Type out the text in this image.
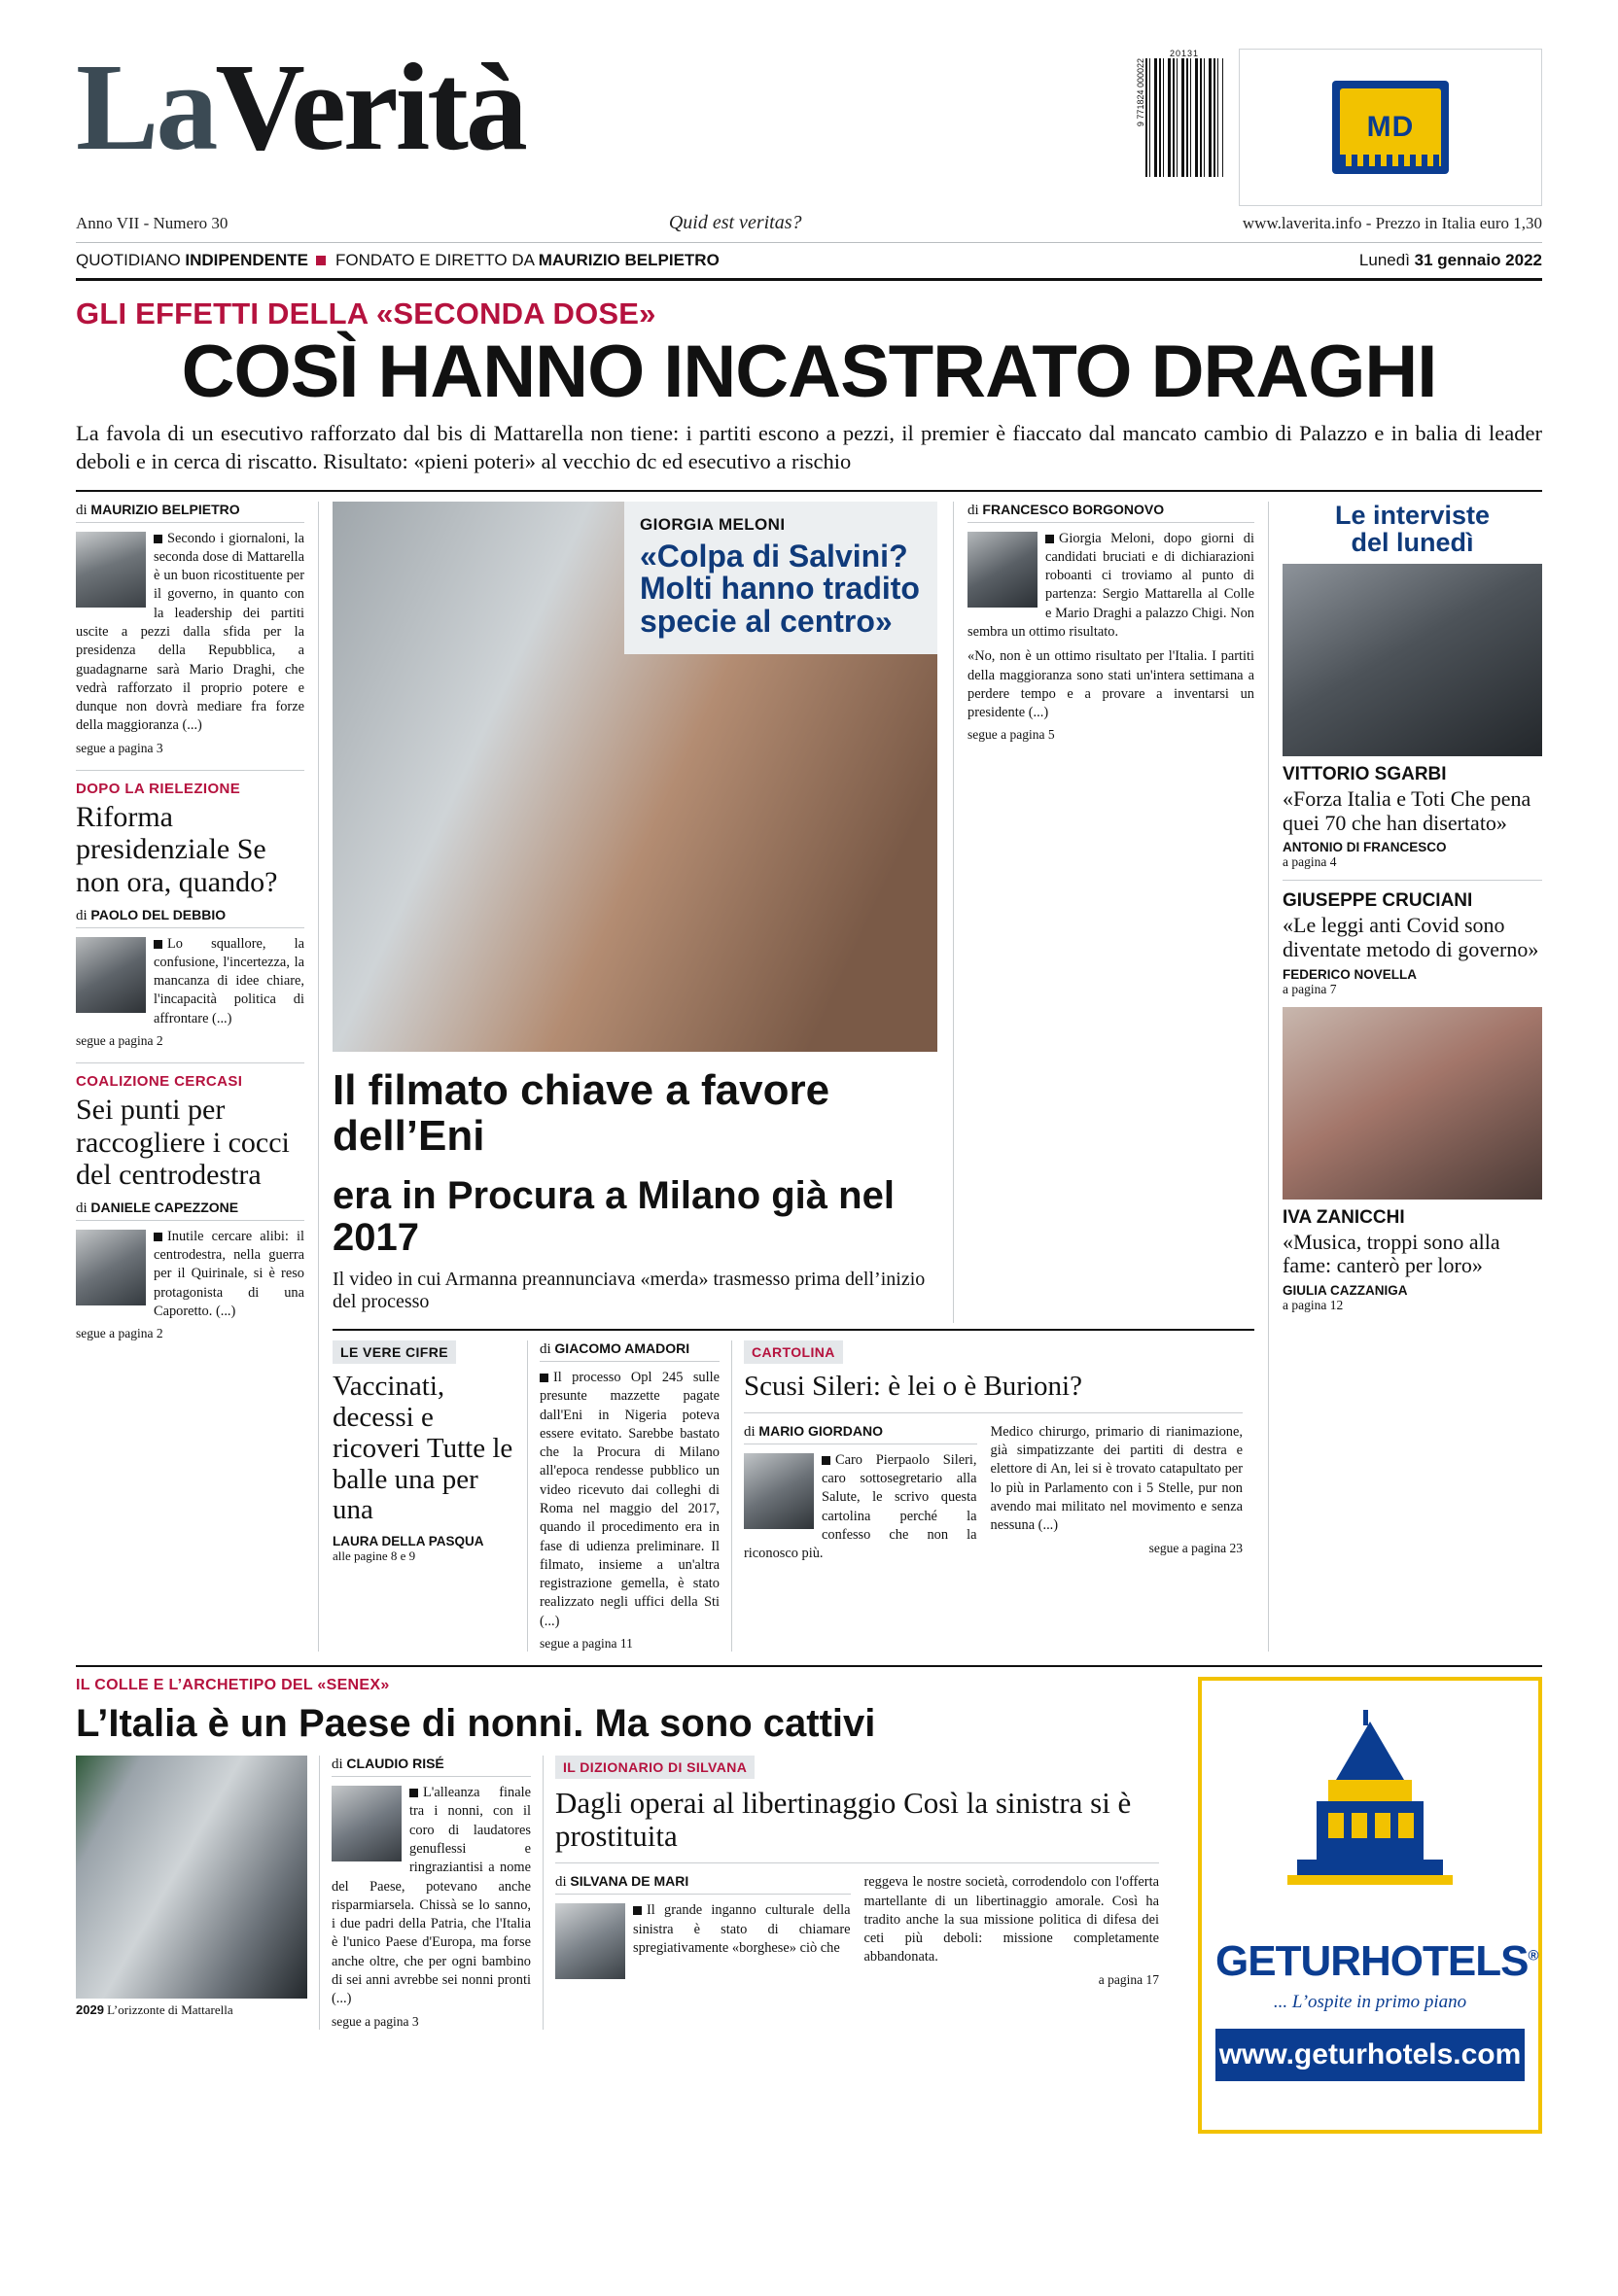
LaVerità	9 771824 000022
20131
MD
Anno VII - Numero 30	Quid est veritas?	www.laverita.info - Prezzo in Italia euro 1,30
QUOTIDIANO INDIPENDENTE FONDATO E DIRETTO DA MAURIZIO BELPIETRO	Lunedì 31 gennaio 2022
GLI EFFETTI DELLA «SECONDA DOSE»
COSÌ HANNO INCASTRATO DRAGHI
La favola di un esecutivo rafforzato dal bis di Mattarella non tiene: i partiti escono a pezzi, il premier è fiaccato dal mancato cambio di Palazzo e in balia di leader deboli e in cerca di riscatto. Risultato: «pieni poteri» al vecchio dc ed esecutivo a rischio
di MAURIZIO BELPIETRO
Secondo i giornaloni, la seconda dose di Mattarella è un buon ricostituente per il governo, in quanto con la leadership dei partiti uscite a pezzi dalla sfida per la presidenza della Repubblica, a guadagnarne sarà Mario Draghi, che vedrà rafforzato il proprio potere e dunque non dovrà mediare fra forze della maggioranza (...)
segue a pagina 3
DOPO LA RIELEZIONE
Riforma presidenziale Se non ora, quando?
di PAOLO DEL DEBBIO
Lo squallore, la confusione, l'incertezza, la mancanza di idee chiare, l'incapacità politica di affrontare (...)
segue a pagina 2
COALIZIONE CERCASI
Sei punti per raccogliere i cocci del centrodestra
di DANIELE CAPEZZONE
Inutile cercare alibi: il centrodestra, nella guerra per il Quirinale, si è reso protagonista di una Caporetto. (...)
segue a pagina 2
GIORGIA MELONI
«Colpa di Salvini? Molti hanno tradito specie al centro»
Il filmato chiave a favore dell’Eni
era in Procura a Milano già nel 2017
Il video in cui Armanna preannunciava «merda» trasmesso prima dell’inizio del processo
di FRANCESCO BORGONOVO
Giorgia Meloni, dopo giorni di candidati bruciati e di dichiarazioni roboanti ci troviamo al punto di partenza: Sergio Mattarella al Colle e Mario Draghi a palazzo Chigi. Non sembra un ottimo risultato.
«No, non è un ottimo risultato per l'Italia. I partiti della maggioranza sono stati un'intera settimana a perdere tempo e a provare a inventarsi un presidente (...)
segue a pagina 5
LE VERE CIFRE
Vaccinati, decessi e ricoveri Tutte le balle una per una
LAURA DELLA PASQUA
alle pagine 8 e 9
di GIACOMO AMADORI
Il processo Opl 245 sulle presunte mazzette pagate dall'Eni in Nigeria poteva essere evitato. Sarebbe bastato che la Procura di Milano all'epoca rendesse pubblico un video ricevuto dai colleghi di Roma nel maggio del 2017, quando il procedimento era in fase di udienza preliminare. Il filmato, insieme a un'altra registrazione gemella, è stato realizzato negli uffici della Sti (...)
segue a pagina 11
CARTOLINA
Scusi Sileri: è lei o è Burioni?
di MARIO GIORDANO
Caro Pierpaolo Sileri, caro sottosegretario alla Salute, le scrivo questa cartolina perché la confesso che non la riconosco più.
Medico chirurgo, primario di rianimazione, già simpatizzante dei partiti di destra e elettore di An, lei si è trovato catapultato per lo più in Parlamento con i 5 Stelle, pur non avendo mai militato nel movimento e senza nessuna (...)
segue a pagina 23
Le interviste
del lunedì
VITTORIO SGARBI
«Forza Italia e Toti Che pena quei 70 che han disertato»
ANTONIO DI FRANCESCO
a pagina 4
GIUSEPPE CRUCIANI
«Le leggi anti Covid sono diventate metodo di governo»
FEDERICO NOVELLA
a pagina 7
IVA ZANICCHI
«Musica, troppi sono alla fame: canterò per loro»
GIULIA CAZZANIGA
a pagina 12
IL COLLE E L’ARCHETIPO DEL «SENEX»
L’Italia è un Paese di nonni. Ma sono cattivi
2029 L’orizzonte di Mattarella
di CLAUDIO RISÉ
L'alleanza finale tra i nonni, con il coro di laudatores genuflessi e ringraziantisi a nome del Paese, potevano anche risparmiarsela. Chissà se lo sanno, i due padri della Patria, che l'Italia è l'unico Paese d'Europa, ma forse anche oltre, che per ogni bambino di sei anni avrebbe sei nonni pronti (...)
segue a pagina 3
IL DIZIONARIO DI SILVANA
Dagli operai al libertinaggio Così la sinistra si è prostituita
di SILVANA DE MARI
Il grande inganno culturale della sinistra è stato di chiamare spregiativamente «borghese» ciò che
reggeva le nostre società, corrodendolo con l'offerta martellante di un libertinaggio amorale. Così ha tradito anche la sua missione politica di difesa dei ceti più deboli: missione completamente abbandonata.
a pagina 17 GETURHOTELS®
... L’ospite in primo piano
www.geturhotels.com
